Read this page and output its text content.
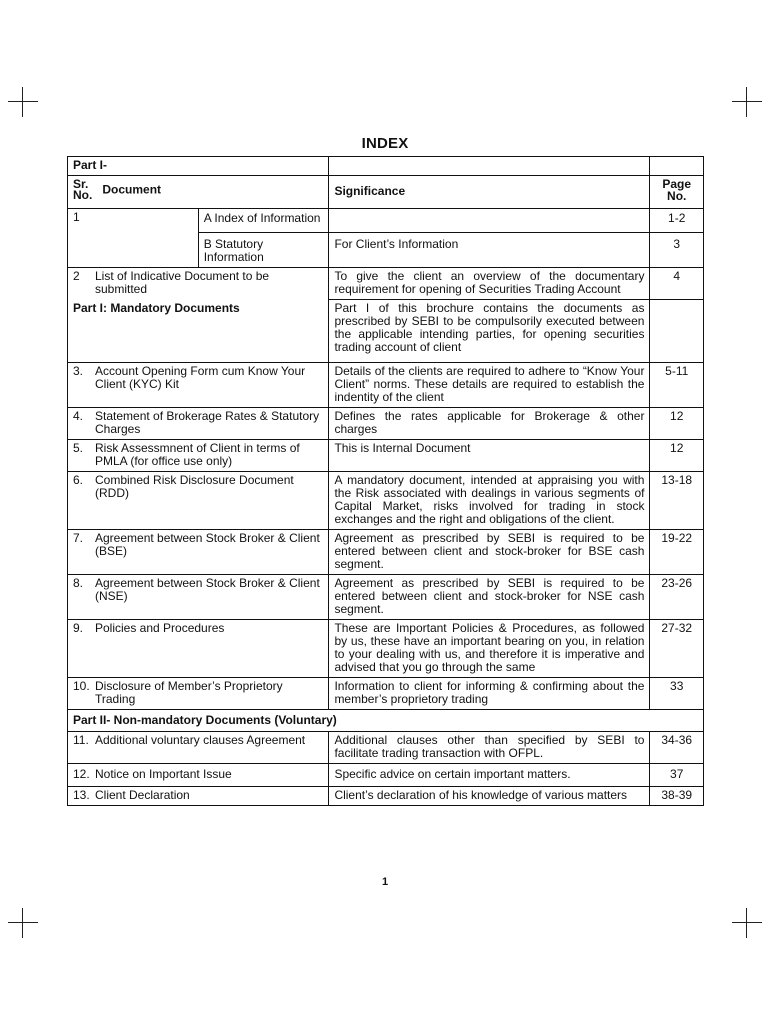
INDEX
Part I-			
Sr. No. Document		Significance	Page No.
1	A Index of Information		1-2
	B Statutory Information	For Client’s Information	3

2 List of Indicative Document to be submitted		To give the client an overview of the documentary requirement for opening of Securities Trading Account	4
Part I: Mandatory Documents		Part I of this brochure contains the documents as prescribed by SEBI to be compulsorily executed between the applicable intending parties, for opening securities trading account of client	

3. Account Opening Form cum Know Your Client (KYC) Kit		Details of the clients are required to adhere to “Know Your Client” norms. These details are required to establish the indentity of the client	5-11

4. Statement of Brokerage Rates & Statutory Charges		Defines the rates applicable for Brokerage & other charges	12

5. Risk Assessmnent of Client in terms of PMLA (for office use only)		This is Internal Document	12

6. Combined Risk Disclosure Document (RDD)		A mandatory document, intended at appraising you with the Risk associated with dealings in various segments of Capital Market, risks involved for trading in stock exchanges and the right and obligations of the client.	13-18

7. Agreement between Stock Broker & Client (BSE)		Agreement as prescribed by SEBI is required to be entered between client and stock-broker for BSE cash segment.	19-22

8. Agreement between Stock Broker & Client (NSE)		Agreement as prescribed by SEBI is required to be entered between client and stock-broker for NSE cash segment.	23-26

9. Policies and Procedures		These are Important Policies & Procedures, as followed by us, these have an important bearing on you, in relation to your dealing with us, and therefore it is imperative and advised that you go through the same	27-32

10. Disclosure of Member’s Proprietory Trading		Information to client for informing & confirming about the member’s proprietory trading	33
Part II- Non-mandatory Documents (Voluntary)			

11. Additional voluntary clauses Agreement		Additional clauses other than specified by SEBI to facilitate trading transaction with OFPL.	34-36

12. Notice on Important Issue		Specific advice on certain important matters.	37

13. Client Declaration		Client’s declaration of his knowledge of various matters	38-39
1
